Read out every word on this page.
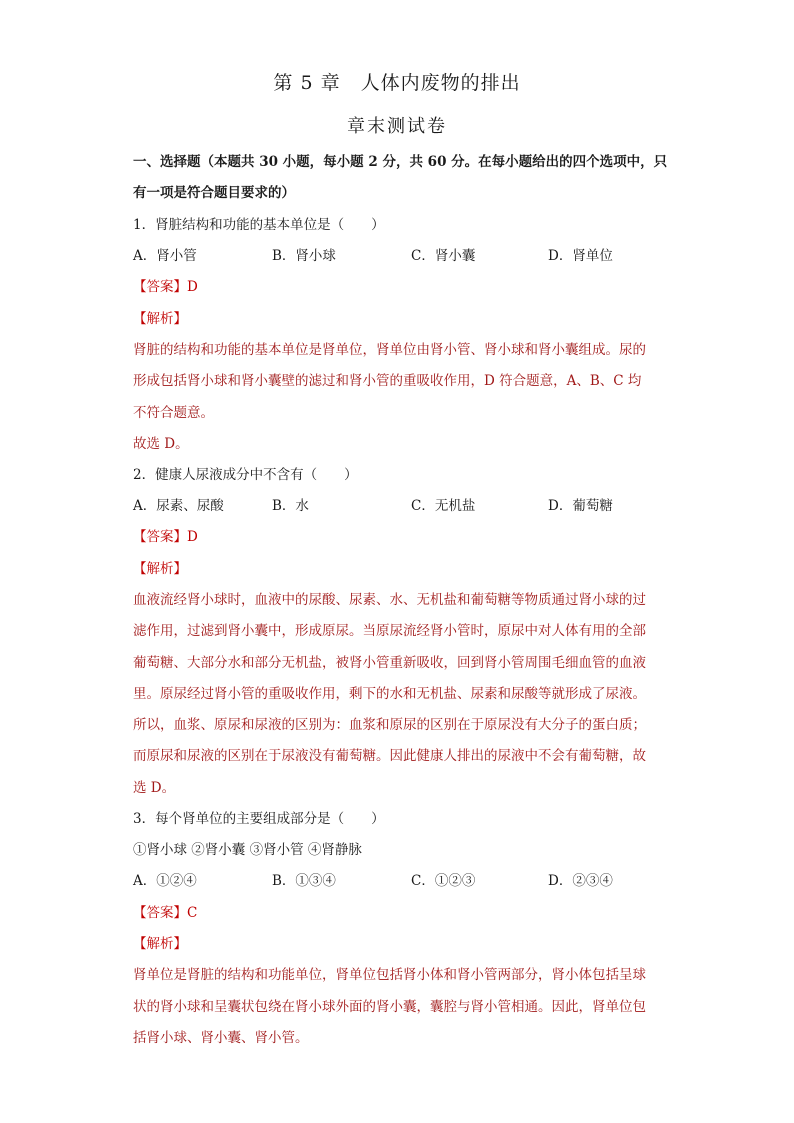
第 5 章　人体内废物的排出
章末测试卷
一、选择题（本题共 30 小题，每小题 2 分，共 60 分。在每小题给出的四个选项中，只
有一项是符合题目要求的）
1．肾脏结构和功能的基本单位是（　　）
A．肾小管	B．肾小球	C．肾小囊	D．肾单位
【答案】D
【解析】
肾脏的结构和功能的基本单位是肾单位，肾单位由肾小管、肾小球和肾小囊组成。尿的
形成包括肾小球和肾小囊壁的滤过和肾小管的重吸收作用，D 符合题意，A、B、C 均
不符合题意。
故选 D。
2．健康人尿液成分中不含有（　　）
A．尿素、尿酸	B．水	C．无机盐	D．葡萄糖
【答案】D
【解析】
血液流经肾小球时，血液中的尿酸、尿素、水、无机盐和葡萄糖等物质通过肾小球的过
滤作用，过滤到肾小囊中，形成原尿。当原尿流经肾小管时，原尿中对人体有用的全部
葡萄糖、大部分水和部分无机盐，被肾小管重新吸收，回到肾小管周围毛细血管的血液
里。原尿经过肾小管的重吸收作用，剩下的水和无机盐、尿素和尿酸等就形成了尿液。
所以，血浆、原尿和尿液的区别为：血浆和原尿的区别在于原尿没有大分子的蛋白质；
而原尿和尿液的区别在于尿液没有葡萄糖。因此健康人排出的尿液中不会有葡萄糖，故
选 D。
3．每个肾单位的主要组成部分是（　　）
①肾小球 ②肾小囊 ③肾小管 ④肾静脉
A．①②④	B．①③④	C．①②③	D．②③④
【答案】C
【解析】
肾单位是肾脏的结构和功能单位，肾单位包括肾小体和肾小管两部分，肾小体包括呈球
状的肾小球和呈囊状包绕在肾小球外面的肾小囊，囊腔与肾小管相通。因此，肾单位包
括肾小球、肾小囊、肾小管。
